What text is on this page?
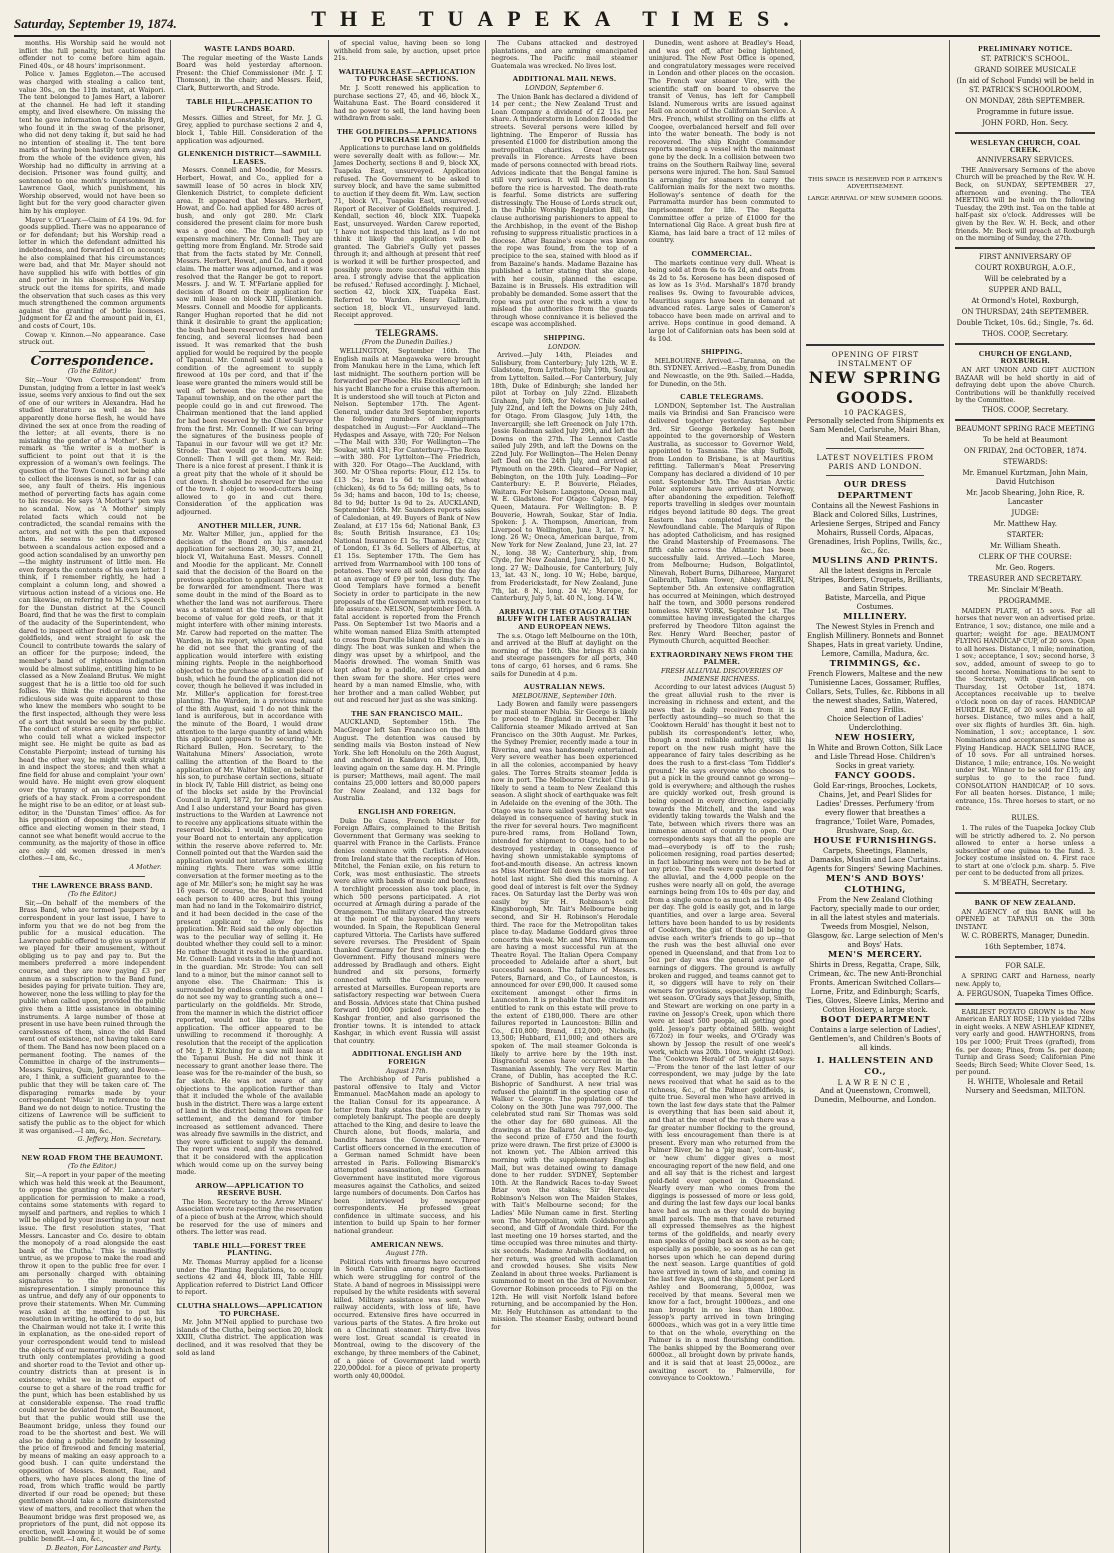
Saturday, September 19, 1874.	THE TUAPEKA TIMES.

months. His Worship said he would not inflict the full penalty, but cautioned the offender not to come before him again. Fined 40s., or 48 hours' imprisonment.

Police v. James Eggleton.—The accused was charged with stealing a calico tent, value 30s., on the 11th instant, at Waipori. The tent belonged to James Hart, a laborer at the channel. He had left it standing empty, and lived elsewhere. On missing the tent he gave information to Constable Byrd, who found it in the swag of the prisoner, who did not deny taking it, but said he had no intention of stealing it. The tent bore marks of having been hastily torn away; and from the whole of the evidence given, his Worship had no difficulty in arriving at a decision. Prisoner was found guilty, and sentenced to one month's imprisonment in Lawrence Gaol, which punishment, his Worship observed, would not have been so light but for the very good character given him by his employer.

Mayer v. O'Leary.—Claim of £4 19s. 9d. for goods supplied. There was no appearance of or for defendant; but his Worship read a letter in which the defendant admitted his indebtedness, and forwarded £1 on account; he also complained that his circumstances were bad, and that Mr. Mayer should not have supplied his wife with bottles of gin and porter in his absence. His Worship struck out the items for spirits, and made the observation that such cases as this very much strengthened the common arguments against the granting of bottle licenses. Judgment for £2 and the amount paid in, £1, and costs of Court, 10s.

Cowap v. Kinnon.—No appearance. Case struck out.

Correspondence.
(To the Editor.)

Sir,—Your 'Own Correspondent' from Dunstan, judging from a letter in last week's issue, seems very anxious to find out the sex of one of our writers in Alexandra. Had he studied literature as well as he has apparently done horse flesh, he would have divined the sex at once from the reading of the letter; at all events, there is no mistaking the gender of a 'Mother'. Such a remark as 'the writer is a mother' is sufficient to point out that it is the expression of a woman's own feelings. The question of the Town Council not being able to collect the licenses is not, so far as I can see, any fault of theirs. His ingenious method of perverting facts has again come to his rescue. He says 'A Mother's' pen was no scandal. Now, as 'A Mother' simply related facts which could not be contradicted, the scandal remains with the actors, and not with the pen that exposed them. He seems to see no difference between a scandalous action exposed and a good action scandalised by an unworthy pen—the mighty instrument of little men. He even forgets the contents of his own letter. I think, if I remember rightly, he had a complaint a column long, and showed a virtuous action instead of a vicious one. He can likewise, on referring to M.P.C.'s speech for the Dunstan district at the Council Board, find that he was the first to complain of the audacity of the Superintendent, who dared to inspect either food or liquor on the goldfields, and went straight to ask the Council to contribute towards the salary of an officer for the purpose; indeed, the member's band of righteous indignation would be almost sublime, entitling him to be classed as a New Zealand Brutus. We might suggest that he is a little too old for such follies. We think the ridiculous and the ridiculous side was quite apparent to those who knew the members who sought to be the first inspected, although they were less of a sort that would be seen by the public. The conduct of stores are quite perfect; yet who could tell what a wicked inspector might see. He might be quite as bad as Constable Pierpoint; instead of turning his head the other way, he might walk straight in and inspect the stores; and then what a fine field for abuse and complaint 'your own' would have. He might even grow eloquent over the tyranny of an inspector and the griefs of a hay stack. From a correspondent he might rise to be an editor, or at least sub-editor, in the 'Dunstan Times' office. As for his proposition of deposing the men from office and electing women in their stead, I cannot see what benefit would accrue to the community, as the majority of those in office are only old women dressed in men's clothes.—I am, &c.,

A Mother.
THE LAWRENCE BRASS BAND.
(To the Editor.)

Sir,—On behalf of the members of the Brass Band, who are termed 'paupers' by a correspondent in your last issue, I have to inform you that we do not beg from the public for a musical education. The Lawrence public offered to give us support if we played for their amusement, without obliging us to pay and pay to. But the members preferred a more independent course, and they are now paying £3 per annum as a subscription to the Band fund, besides paying for private tuition. They are, however, none the less willing to play for the public when called upon, provided the public give them a little assistance in obtaining instruments. A large number of those at present in use have been ruined through the carelessness of them, since the old Band went out of existence, not having taken care of them. The Band has now been placed on a permanent footing. The names of the Committee in charge of the instruments—Messrs. Squires, Quin, Jeffery, and Bowen—are, I think, a sufficient guarantee to the public that they will be taken care of. The disparaging remarks made by your correspondent 'Music' in reference to the Band we do not deign to notice. Trusting the citizens of Lawrence will be sufficient to satisfy the public as to the object for which it was organised.—I am, &c.,

G. Jeffery, Hon. Secretary.
NEW ROAD FROM THE BEAUMONT.
(To the Editor.)

Sir,—A report in your paper of the meeting which was held this week at the Beaumont, to oppose the granting of Mr. Lancaster's application for permission to make a road, contains some statements with regard to myself and partners, and replies to which I will be obliged by your inserting in your next issue. The first resolution states, 'That Messrs. Lancaster and Co. desire to obtain the monopoly of a road alongside the east bank of the Clutha.' This is manifestly untrue, as we propose to make the road and throw it open to the public free for ever. I am personally charged with obtaining signatures to the memorial by misrepresentation. I simply pronounce this as untrue, and defy any of our opponents to prove their statements. When Mr. Cumming was asked at the meeting to put his resolution in writing, he offered to do so, but the Chairman would not take it. I write this in explanation, as the one-sided report of your correspondent would tend to mislead the objects of our memorial, which in honest truth only contemplates providing a good and shorter road to the Teviot and other up-country districts than at present is in existence; whilst we in return expect of course to get a share of the road traffic for the punt, which has been established by us at considerable expense. The road traffic could never be deviated from the Beaumont, but that the public would still use the Beaumont bridge, unless they found our road to be the shortest and best. We will also be doing a public benefit by lessening the price of firewood and fencing material, by means of making an easy approach to a good bush. I can quite understand the opposition of Messrs. Bennett, Rae, and others, who have places along the line of road, from which traffic would be partly diverted if our road be opened; but these gentlemen should take a more disinterested view of matters, and recollect that when the Beaumont bridge was first proposed we, as proprietors of the punt, did not oppose its erection, well knowing it would be of some public benefit.—I am, &c.,

D. Beaton, For Lancaster and Party.
WASTE LANDS BOARD.

The regular meeting of the Waste Lands Board was held yesterday afternoon. Present: the Chief Commissioner (Mr. J. T. Thomson), in the chair; and Messrs. Reid, Clark, Butterworth, and Strode.

TABLE HILL—APPLICATION TO PURCHASE.

Messrs. Gillies and Street, for Mr. J. G. Grey, applied to purchase sections 2 and 4, block 1, Table Hill. Consideration of the application was adjourned.

GLENKENICH DISTRICT—SAWMILL LEASES.

Messrs. Connell and Moodie, for Messrs. Herbert, Howat, and Co., applied for a sawmill lease of 50 acres in block XIV, Glenkenich District, to complete deficient area. It appeared that Messrs. Herbert, Howat, and Co. had applied for 480 acres of bush, and only got 280. Mr. Clark considered the present claim for more bush was a good one. The firm had put up expensive machinery. Mr. Connell: They are getting more from England. Mr. Strode said that from the facts stated by Mr. Connell, Messrs. Herbert, Howat, and Co. had a good claim. The matter was adjourned, and it was resolved that the Ranger be got to report. Messrs. J. and W. T. M'Farlane applied for decision of Board on their application for saw mill lease on block XIII, Glenkenich. Messrs. Connell and Moodie for applicants. Ranger Hughan reported that he did not think it desirable to grant the application; the bush had been reserved for firewood and fencing, and several licenses had been issued. It was remarked that the bush applied for would be required by the people of Tapanui. Mr. Connell said it would be a condition of the agreement to supply firewood at 10s per cord, and that if the lease were granted the miners would still be well off between the reserve and the Tapanui township, and on the other part the people could go in and cut firewood. The Chairman mentioned that the land applied for had been reserved by the Chief Surveyor from the first. Mr. Connell: If we can bring the signatures of the business people of Tapanui in our favour will we get it? Mr. Strode: That would go a long way. Mr. Connell: Then I will get them. Mr. Reid: There is a nice forest at present. I think it is a great pity that the whole of it should be cut down. It should be reserved for the use of the town. I object to wood-cutters being allowed to go in and cut there. Consideration of the application was adjourned.

ANOTHER MILLER, JUNR.

Mr. Walter Miller, jun., applied for the decision of the Board on his amended application for sections 28, 30, 37, and 21, block VI, Waitahuna East. Messrs. Connell and Moodie for the applicant. Mr. Connell said that the decision of the Board on the previous application to applicant was that it be forwarded for amendment. There was some doubt in the mind of the Board as to whether the land was not auriferous. There was a statement at the time that it might become of value for gold reefs, or that it might interfere with other mining interests. Mr. Carew had reported on the matter. The Warden, in his report, which was read, said he did not see that the granting of the application would interfere with existing mining rights. People in the neighborhood objected to the purchase of a small piece of bush, which he found the application did not cover, though he believed it was included in Mr. Miller's application for forest-tree planting. The Warden, in a previous minute of the 8th August, said 'I do not think the land is auriferous, but in accordance with the minute of the Board, I would draw attention to the large quantity of land which this applicant appears to be securing.' Mr. Richard Bullen, Hon. Secretary, to the Waitahuna Miners' Association, wrote calling the attention of the Board to the application of Mr. Walter Miller, on behalf of his son, to purchase certain sections, situate in block IV, Table Hill district, as being one of the blocks set aside by the Provincial Council in April, 1872, for mining purposes. And I also understand your Board has given instructions to the Warden at Lawrence not to receive any applications situate within the reserved blocks. I would, therefore, urge your Board not to entertain any application within the reserve above referred to. Mr. Connell pointed out that the Warden said the application would not interfere with existing mining rights. There was some little conversation at the former meeting as to the age of Mr. Miller's son; he might say he was 16 years. Of course, the Board had limited each person to 400 acres, but this young man had no land in the Tokomairiro district, and it had been decided in the case of the present applicant to allow for his application. Mr. Reid said the only objection was to the peculiar way of selling it. He doubted whether they could sell to a minor. He rather thought it rested in the guardian. Mr. Connell: Land vests in the infant and not in the guardian. Mr. Strode: You can sell land to a minor, but the minor cannot sell to anyone else. The Chairman: This is surrounded by endless complications, and I do not see my way to granting such a one—particularly on the goldfields. Mr. Strode, from the manner in which the district officer reported, would not like to grant the application. The officer appeared to be unwilling to recommend it thoroughly. A resolution that the receipt of the application of Mr. J. P. Kitching for a saw mill lease at the Tapanui Bush. He did not think it necessary to grant another lease there. The lease was for the re-mainder of the bush, so far sketch. He was not aware of any objections to the application further than that it included the whole of the available bush in the district. There was a large extent of land in the district being thrown open for settlement, and the demand for timber increased as settlement advanced. There was already five sawmills in the district, and they were sufficient to supply the demand. The report was read, and it was resolved that it be considered with the application which would come up on the survey being made.

ARROW—APPLICATION TO RESERVE BUSH.

The Hon. Secretary to the Arrow Miners' Association wrote respecting the reservation of a piece of bush at the Arrow, which should be reserved for the use of miners and others. The letter was read.

TABLE HILL—FOREST TREE PLANTING.

Mr. Thomas Murray applied for a license under the Planting Regulations, to occupy sections 42 and 44, block III, Table Hill. Application referred to District Land Officer to report.

CLUTHA SHALLOWS—APPLICATION TO PURCHASE.

Mr. John M'Neil applied to purchase two islands of the Clutha, being section 20, block XXIII, Clutha district. The application was declined, and it was resolved that they be sold as land

of special value, having been so long withheld from sale, by auction, upset price 21s.

WAITAHUNA EAST—APPLICATION TO PURCHASE SECTIONS.

Mr. J. Scott renewed his application to purchase sections 27, 45, and 46, block X., Waitahuna East. The Board considered it had no power to sell, the land having been withdrawn from sale.

THE GOLDFIELDS—APPLICATIONS TO PURCHASE LANDS.

Applications to purchase land on goldfields were severally dealt with as follow:— Mr. James Docherty, sections 8 and 9, block XX, Tuapeka East, unsurveyed. Application refused. The Government to be asked to survey block, and have the same submitted to auction if they deem fit. Wm. Law, section 71, block VI., Tuapeka East, unsurveyed. Report of Receiver of Goldfields required. J. Kendall, section 46, block XIX. Tuapeka East, unsurveyed. Warden Carew reported, 'I have not inspected this land, as I do not think it likely the application will be granted. The Gabriel's Gully yet passes through it; and although at present that reef is worked it will be further prospected, and possibly prove more successful within this area. I strongly advise that the application be refused.' Refused accordingly. J. Michael, section 42, block XIX, Tuapeka East. Referred to Warden. Henry Galbraith, section 18, block VI., unsurveyed land. Receipt approved.

TELEGRAMS.
(From the Dunedin Dailies.)

WELLINGTON, September 16th. The English mails at Mangaweka were brought from Manukau here in the Luna, which left last midnight. The southern portion will be forwarded per Phoebe. His Excellency left in his yacht Blanche for a cruise this afternoon. It is understood she will touch at Picton and Nelson. September 17th. The Agent-General, under date 3rd September, reports the following numbers of immigrants despatched in August:—For Auckland—The Hydaspes and Assaye, with 720; For Nelson—The Mail with 330; For Wellington—The Soukar, with 431; For Canterbury—The Roxa—with 380. For Lyttelton—The Friedrich, with 320. For Otago—The Auckland, with 360. Mr O'Shea reports: Flour, £12 15s. to £13 5s.; bran 1s 6d to 1s 8d; wheat (chicken), 4s 6d to 5s 6d; milling oats, 5s to 5s 3d; hams and bacon, 10d to 1s; cheese, 8d to 9d; butter 1s 9d to 2s. AUCKLAND, September 16th. Mr. Saunders reports sales of Caledonian, at 49. Buyers of Bank of New Zealand, at £17 15s 6d; National Bank, £3 8s; South British Insurance, £3 10s; National Insurance £1 5s; Thames, £2; City of London, £1 3s 6d. Sellers of Albertus, at £1 15s. September 17th. The Gem has arrived from Warrnambool with 100 tons of potatoes. They were all sold during the day at an average of £9 per ton, less duty. The Good Templars have formed a benefit Society in order to participate in the new proposals of the Government with respect to life assurance. NELSON, September 16th. A fatal accident is reported from the French Pass. On September 1st two Maoris and a white woman named Eliza Smith attempted to cross from Durville Island to Elmslie's in a dingy. The boat was sunken and when the dingy was upset by a whirlpool, and the Maoris drowned. The woman Smith was kept afloat by a paddle, and stripped and then swam for the shore. Her cries were heard by a man named Elmslie, who, with her brother and a man called Webber, put out and rescued her just as she was sinking.

THE SAN FRANCISCO MAIL.

AUCKLAND, September 15th. The MacGregor left San Francisco on the 18th August. The detention was caused by sending mails via Boston instead of New York. She left Honolulu on the 26th August, and anchored in Kandavu on the 10th, leaving again on the same day. H. M. Pringle is purser; Matthews, mail agent. The mail contains 25,000 letters and 80,000 papers for New Zealand, and 132 bags for Australia.

ENGLISH AND FOREIGN.

Duke De Cazes, French Minister for Foreign Affairs, complained to the British Government that Germany was seeking to quarrel with France in the Carlists. France denies connivance with Carlists. Advices from Ireland state that the reception of Hon. Mitchel, the Fenian exile, on his return to Cork, was most enthusiastic. The streets were alive with bands of music and bonfires. A torchlight procession also took place, in which 500 persons participated. A riot occurred at Armagh during a parade of the Orangemen. The military cleared the streets at the point of the bayonet. Many were wounded. In Spain, the Republican General captured Vittoria. The Carlists have suffered severe reverses. The President of Spain thanked Germany for first recognising the Government. Fifty thousand miners were addressed by Bradlaugh and others. Eight hundred and six persons, formerly connected with the Commune, were arrested at Marseilles. European reports are satisfactory respecting war between Cuera and Bossia. Advices state that China pushed forward 100,000 picked troops to the Kashgar frontier, and also garrisoned the frontier towns. It is intended to attack Kashgar, in which event Russia will assist that country.

ADDITIONAL ENGLISH AND FOREIGN
August 17th.

The Archbishop of Paris published a pastoral offensive to Italy and Victor Emmanuel. MacMahon made an apology to the Italian Consul for its appearance. A letter from Italy states that the country is completely bankrupt. The people are deeply attached to the King, and desire to leave the Church alone, but floods, malaria, and bandits harass the Government. Three Carlist officers concerned in the execution of a German named Schmidt have been arrested in Paris. Following Bismarck's attempted assassination, the German Government have instituted more vigorous measures against the Catholics, and seized large numbers of documents. Don Carlos has been interviewed by newspaper correspondents. He professed great confidence in ultimate success, and his intention to build up Spain to her former national grandeur.

AMERICAN NEWS.
August 17th.

Political riots with firearms have occurred in South Carolina among negro factions which were struggling for control of the State. A band of negroes in Mississippi were repulsed by the white residents with several killed. Military assistance was sent. Two railway accidents, with loss of life, have occurred. Extensive fires have occurred in various parts of the States. A fire broke out on a Cincinnati steamer. Thirty-five lives were lost. Great scandal is created in Montreal, owing to the discovery of the exchange, by three members of the Cabinet, of a piece of Government land worth 220,000dol. for a piece of private property worth only 40,000dol.

The Cubans attacked and destroyed plantations, and are arming emancipated negroes. The Pacific mail steamer Guatemala was wrecked. No lives lost.

ADDITIONAL MAIL NEWS.
LONDON, September 6.

The Union Bank has declared a dividend of 14 per cent.; the New Zealand Trust and Loan Company a dividend of £2 11s. per share. A thunderstorm in London flooded the streets. Several persons were killed by lightning. The Emperor of Russia has presented £1000 for distribution among the metropolitan charities. Great distress prevails in Florence. Arrests have been made of persons connected with bread riots. Advices indicate that the Bengal famine is still very serious. It will be five months before the rice is harvested. The death-rate is fearful. Some districts are suffering distressingly. The House of Lords struck out, in the Public Worship Regulation Bill, the clause authorising parishioners to appeal to the Archbishop, in the event of the Bishop refusing to suppress ritualistic practices in a diocese. After Bazaine's escape was known the rope was found, from the top of a precipice to the sea, stained with blood as if from Bazaine's hands. Madame Bazaine has published a letter stating that she alone, with her cousin, planned the escape. Bazaine is in Brussels. His extradition will probably be demanded. Some assert that the rope was put over the rock with a view to mislead the authorities from the guards through whose connivance it is believed the escape was accomplished.

SHIPPING.
LONDON.

Arrived.—July 14th, Pleiades and Salisbury, from Canterbury; July 12th, W. E. Gladstone, from Lyttelton; July 19th, Soukar, from Lyttelton. Sailed.—For Canterbury, July 18th, Duke of Edinburgh; she landed her pilot at Torbay on July 22nd. Elizabeth Graham, July 16th, for Nelson; Chile sailed July 22nd, and left the Downs on July 24th, for Otago. From Glasgow, July 14th, the Invercargill; she left Greenock on July 17th. Jessie Readman sailed July 29th, and left the Downs on the 27th. The Lennox Castle sailed July 29th, and left the Downs on the 22nd July. For Wellington—The Helen Denny left Deal on the 24th July, and arrived at Plymouth on the 29th. Cleared—For Napier, Bebington, on the 10th July. Loading—For Canterbury: E. P. Bouverie, Pleiades, Waitara. For Nelson: Langstone, Ocean mail, W. E. Gladstone. For Otago: Calypso, May Queen, Mataura. For Wellington: B. P. Bouverie, Howrah, Soukar, Star of India. Spoken: J. A. Thompson, American, from Liverpool to Wellington, June 3, lat. 7 N., long. 26 W.; Oneca, American barque, from New York for New Zealand, June 23, lat. 27 N., long. 38 W.; Canterbury, ship, from Clyde, for New Zealand, June 25, lat. 10 N., long. 27 W.; Dalhousie, for Canterbury, July 13, lat. 43 N., long. 10 W.; Hebe, barque, from Frederickstadt, for New Zealand, June 7th, lat. 8 N., long. 24 W.; Merope, for Canterbury, July 5, lat. 40 N., long. 14 W.

ARRIVAL OF THE OTAGO AT THE BLUFF WITH LATER AUSTRALIAN AND EUROPEAN NEWS.

The s.s. Otago left Melbourne on the 10th, and arrived at the Bluff at daylight on the morning of the 16th. She brings 83 cabin and steerage passengers for all ports, 340 tons of cargo, 61 horses, and 6 rams. She sails for Dunedin at 4 p.m.

AUSTRALIAN NEWS.
MELBOURNE, September 10th.

Lady Bowen and family were passengers per mail steamer Nubia. Sir George is likely to proceed to England in December. The California steamer Mikado arrived at San Francisco on the 30th August. Mr. Parkes, the Sydney Premier, recently made a tour in Riverina, and was handsomely entertained. Very severe weather has been experienced in all the colonies, accompanied by heavy gales. The Torres Straits steamer Jedda is now in port. The Melbourne Cricket Club is likely to send a team to New Zealand this season. A slight shock of earthquake was felt in Adelaide on the evening of the 30th. The Otago was to have sailed yesterday, but was delayed in consequence of having stuck in the river for several hours. Two magnificent pure-bred rams, from Holland Town, intended for shipment to Otago, had to be destroyed yesterday, in consequence of having shown unmistakable symptoms of foot-and-mouth disease. An actress known as Miss Mortimer fell down the stairs of her hotel last night. She died this morning. A good deal of interest is felt over the Sydney races. On Saturday last the Derby was won easily by Sir H. Robinson's colt Kingsborough, Mr. Tait's Melbourne being second, and Sir H. Robinson's Herodale third. The race for the Metropolitan takes place to-day. Madame Goddard gives three concerts this week. Mr. and Mrs. Williamson are having a most successful run at the Theatre Royal. The Italian Opera Company proceeded to Adelaide after a short, but successful season. The failure of Messrs. Peters, Barnard, and Co., of Launceston, is announced for over £90,000. It caused some excitement amongst other firms in Launceston. It is probable that the creditors entitled to rank on this estate will prove to the extent of £180,000. There are other failures reported in Launceston: Billin and Co., £10,800; Brand, £12,000; Nicholls, 13,500; Hubbard, £11,000; and others are spoken of. The mail steamer Golconda is likely to arrive here by the 19th inst. Disgraceful scenes have occurred in the Tasmanian Assembly. The very Rev. Martin Crane, of Dublin, has accepted the R.C. Bishopric of Sandhurst. A new trial was refused the plaintiff in the sporting case of Walker v. George. The population of the Colony on the 30th June was 797,000. The celebrated stud ram Sir Thomas was sold the other day for 680 guineas. All the drawings at the Ballarat Art Union to-day, the second prize of £750 and the fourth prize were drawn. The first prize of £3000 is not known yet. The Albion arrived this morning with the supplementary English Mail, but was detained owing to damage done to her rudder. SYDNEY, September 10th. At the Randwick Races to-day Sweet Briar won the stakes; Sir Hercules Robinson's Nelson won The Maiden Stakes, with Tait's Melbourne second; for the Ladies' Mile Numan came in first. Sterling won The Metropolitan, with Goldsborough second, and Gift of Avondale third. For the last meeting one 19 horses started, and the time occupied was three minutes and thirty-six seconds. Madame Arabella Goddard, on her return, was greeted with acclamation and crowded houses. She visits New Zealand in about three weeks. Parliament is summoned to meet on the 3rd of November. Governor Robinson proceeds to Fiji on the 12th. He will visit Norfolk Island before returning, and be accompanied by the Hon. Mr. Hely Hutchinson as attendant to the mission. The steamer Easby, outward bound for

Dunedin, went ashore at Bradley's Head, and was got off, after being lightened, uninjured. The New Post Office is opened, and congratulatory messages were received in London and other places on the occasion. The French war steamer Vire, with the scientific staff on board to observe the transit of Venus, has left for Campbell Island. Numerous writs are issued against Hall on account of the Californian Service. A Mrs. French, whilst strolling on the cliffs at Coogee, overbalanced herself and fell over into the water beneath. The body is not recovered. The ship Knight Commander reports meeting a vessel with the mainmast gone by the deck. In a collision between two trains on the Southern Railway line, several persons were injured. The hon. Saul Samuel is arranging for steamers to carry the Californian mails for the next two months. Holloway's sentence of death for the Parramatta murder has been commuted to imprisonment for life. The Regatta Committee offer a prize of £1000 for the International Gig Race. A great bush fire at Kiama, has laid bare a tract of 12 miles of country.

COMMERCIAL.

The markets continue very dull. Wheat is being sold at from 6s to 6s 2d, and oats from 4s 2d to 5s. Kerosene has been disposed of as low as 1s 3½d. Marshall's 1870 brandy realises 9s. Owing to favourable advices, Mauritius sugars have been in demand at advanced rates. Large sales of Cameron's tobacco have been made on arrival and to arrive. Hops continue in good demand. A large lot of Californian oats has been sold at 4s 10d.

SHIPPING.

MELBOURNE. Arrived.—Taranna, on the 8th. SYDNEY. Arrived.—Easby, from Dunedin and Newcastle, on the 9th. Sailed.—Hadda, for Dunedin, on the 5th.

CABLE TELEGRAMS.

LONDON, September 1st. The Australian mails via Brindisi and San Francisco were delivered together yesterday. September 3rd. Sir George Berkeley has been appointed to the governorship of Western Australia, as successor to Governor Weld, appointed to Tasmania. The ship Suffolk, from London to Brisbane, is at Mauritius refitting. Tallerman's Meat Preserving Company has declared a dividend of 10 per cent. September 5th. The Austrian Arctic Polar explorers have arrived at Norway, after abandoning the expedition. Telefhoff reports travelling in sledges over mountain ridges beyond latitude 80 degs. The great Eastern has completed laying the Newfoundland cable. The Marquis of Ripon has adopted Catholicism, and has resigned the Grand Mastership of Freemasons. The fifth cable across the Atlantic has been successfully laid. Arrived.—Loch Maree, from Melbourne; Hudson, Bolgatlintol, Ninevah, Robert Burns, Dilhareee, Margaret Galbraith, Tallam Tower, Abbey. BERLIN, September 5th. An extensive conflagration has occurred at Meiningen, which destroyed half the town, and 3000 persons rendered homeless. NEW YORK, September 1st. The committee having investigated the charges preferred by Theodore Tilton against the Rev. Henry Ward Beecher, pastor of Plymouth Church, acquitted Beecher.

EXTRAORDINARY NEWS FROM THE PALMER.
FRESH ALLUVIAL DISCOVERIES OF IMMENSE RICHNESS.

According to our latest advices (August 5) the great alluvial rush to the river is increasing in richness and extent, and the news that is daily received from it is perfectly astounding—so much so that the 'Cooktown Herald' has thought it best not to publish its correspondent's letter, who, though a most reliable authority, still his report on the new rush might have the appearance of fairy tales describing as he does the rush to a first-class 'Tom Tiddler's ground.' He says everyone who chooses to put a pick in the ground cannot go wrong—gold is everywhere; and although the rushes are quickly worked out, fresh ground is being opened in every direction, especially towards the Mitchell, and the land was evidently taking towards the Walsh and the Tate, between which rivers there was an immense amount of country to open. Our correspondents says that all the people are mad—everybody is off to the rush; policemen resigning, road parties deserted; in fact labouring men were not to be had at any price. The reefs were quite deserted for the alluvial, and the 4,000 people on the rushes were nearly all on gold, the average earnings being from 10s to 40s per day, and from a single ounce to as much as 10s to 40s per day. The gold is easily got, and in large quantities, and over a large area. Several letters have been handed to us by residents of Cooktown, the gist of them all being to advise each writer's friends to go up—that the rush was the best alluvial one ever opened in Queensland, and that from 1oz to 5oz per day was the general average of earnings of diggers. The ground is awfully broken and rugged, and teams cannot get to it, so diggers will have to rely on their owners for provisions, especially during the wet season. O'Grady says that Jessop, Smith, and Stewart are working on one party in a ravine on Jessop's Creek, upon which there were at least 500 people, all getting good gold. Jessop's party obtained 58lb. weight (672oz) in four weeks, and O'Grady was shown by Jessop the result of one week's work, which was 20lb. 10oz. weight (240oz). The 'Cooktown Herald' of 5th August says:—'From the tenor of the last letter of our correspondent, we may judge by the late news received that what he said as to the richness, &c., of the Palmer goldfields, is quite true. Several men who have arrived in town the last few days state that the Palmer is everything that has been said about it, and that at the onset of the rush there was a far greater number flocking to the ground, with less encouragement than there is at present. Every man who returned from the Palmer River, be he a 'pig man', 'corn-husk', or 'new chum' digger gives a most encouraging report of the new field, and one and all say that is the richest and largest gold-field ever opened in Queensland. Nearly every man who comes from the diggings is possessed of more or less gold, and during the last few days our local banks have had as much as they could do buying small parcels. The men that have returned all expressed themselves as the highest terms of the goldfields, and nearly every man speaks of going back as soon as he can; especially as possible, so soon as he can get horses upon which he can depend during the next season. Large quantities of gold have arrived in town of late, and coming in the last few days, and the shipment per Lord Ashley and Boomerang, 5,000oz, was received by that means. Several men we know for a fact, brought 1000ozs., and one man brought in no less than 1800oz. Jessop's party arrived in town bringing 6000ozs., which was got in a very little time to that on the whole, everything on the Palmer is in a most flourishing condition. The banks shipped by the Boomerang over 6000oz., all brought down by private hands, and it is said that at least 25,000oz., are awaiting escort to Palmerville, for conveyance to Cooktown.'

THIS SPACE IS RESERVED FOR P. AITKEN'S ADVERTISEMENT.
LARGE ARRIVAL OF NEW SUMMER GOODS.
OPENING OF FIRST INSTALMENT OF
NEW SPRING GOODS.
10 PACKAGES,
Personally selected from Shipments ex Sam Mendel, Carlsruhe, Mairi Bhan, and Mail Steamers.
LATEST NOVELTIES FROM PARIS AND LONDON.
OUR DRESS DEPARTMENT
Contains all the Newest Fashions in Black and Colored Silks, Lustrines, Arlesiene Serges, Striped and Fancy Mohairs, Russell Cords, Alpacas, Grenadines, Irish Poplins, Twills, &c., &c., &c.
MUSLINS AND PRINTS.
All the latest designs in Percale Stripes, Borders, Croquets, Brilliants, and Satin Stripes.
Batiste, Marcella, and Pique Costumes.
MILLINERY.
The Newest Styles in French and English Millinery. Bonnets and Bonnet Shapes, Hats in great variety. Undine, Lemore, Camilla, Madura, &c.
TRIMMINGS, &c.
French Flowers, Maltese and the new Tunisienne Laces, Gossamer, Ruffles, Collars, Sets, Tulles, &c. Ribbons in all the newest shades, Satin, Watered, and Fancy Frillis.
Choice Selection of Ladies' Underclothing.
NEW HOSIERY,
In White and Brown Cotton, Silk Lace and Lisle Thread Hose. Children's Socks in great variety.
FANCY GOODS.
Gold Ear-rings, Brooches, Lockets, Chains, Jet, and Pearl Slides for Ladies' Dresses. Perfumery 'from every flower that breathes a fragrance,' Toilet Ware, Pomades, Brushware, Soap, &c.
HOUSE FURNISHINGS.
Carpets, Sheetings, Flannels, Damasks, Muslin and Lace Curtains.
Agents for Singers' Sewing Machines.
MEN'S AND BOYS' CLOTHING,
From the New Zealand Clothing Factory, specially made to our order, in all the latest styles and materials. Tweeds from Mosgiel, Nelson, Glasgow, &c. Large selection of Men's and Boys' Hats.
MEN'S MERCERY.
Shirts in Dress, Regatta, Crape, Silk, Crimean, &c. The new Anti-Bronchial Fronts. American Switched Collars—Lorne, Fritz, and Edinburgh; Scarfs, Ties, Gloves, Sleeve Links, Merino and Cotton Hosiery, a large stock.
BOOT DEPARTMENT
Contains a large selection of Ladies', Gentlemen's, and Children's Boots of all kinds.
I. HALLENSTEIN AND CO.,
LAWRENCE,
And at Queenstown, Cromwell, Dunedin, Melbourne, and London.
PRELIMINARY NOTICE.
ST. PATRICK'S SCHOOL.
GRAND SOIREE MUSICALE
(In aid of School Funds) will be held in ST. PATRICK'S SCHOOLROOM,
ON MONDAY, 28th SEPTEMBER.
Programme in future issue.
JOHN FORD, Hon. Secy.
WESLEYAN CHURCH, COAL CREEK.
ANNIVERSARY SERVICES.

THE Anniversary Sermons of the above Church will be preached by the Rev. W. H. Beck, on SUNDAY, SEPTEMBER 27, afternoon and evening. The TEA MEETING will be held on the following Tuesday, the 29th inst. Tea on the table at half-past six o'clock. Addresses will be given by the Rev. W. H. Beck, and other friends. Mr. Beck will preach at Roxburgh on the morning of Sunday, the 27th.

FIRST ANNIVERSARY OF
COURT ROXBURGH, A.O.F.,
Will be celebrated by a
SUPPER AND BALL,
At Ormond's Hotel, Roxburgh,
ON THURSDAY, 24th SEPTEMBER.
Double Ticket, 10s. 6d.; Single, 7s. 6d.
THOS. COOP, Secretary.
CHURCH OF ENGLAND, ROXBURGH.

AN ART UNION AND GIFT AUCTION BAZAAR will be held shortly in aid of defraying debt upon the above Church. Contributions will be thankfully received by the Committee.

THOS. COOP, Secretary.
BEAUMONT SPRING RACE MEETING
To be held at Beaumont
ON FRIDAY, 2nd OCTOBER, 1874.
STEWARDS:
Mr. Emanuel Kurtzman, John Main, David Hutchison
Mr. Jacob Shearing, John Rice, R. Lancaster
JUDGE:
Mr. Matthew Hay.
STARTER:
Mr. William Sheath.
CLERK OF THE COURSE:
Mr. Geo. Rogers.
TREASURER AND SECRETARY.
Mr. Sinclair M'Beath.
PROGRAMME.

MAIDEN PLATE, of 15 sovs. For all horses that never won an advertised prize. Entrance, 1 sov.; distance, one mile and a quarter; weight for age. BEAUMONT FLYING HANDICAP CUP, of 20 sovs. Open to all horses. Distance, 1 mile; nomination, 1 sov.; acceptance, 1 sov.; second horse, 3 sov., added, amount of sweep to go to second horse. Nominations to be sent to the Secretary, with qualification, on Thursday, 1st October 1st, 1874. Acceptances receivable up to twelve o'clock noon on day of races. HANDICAP HURDLE RACE, of 20 sovs. Open to all horses. Distance, two miles and a half, over six flights of hurdles 3ft. 6in. high. Nomination, 1 sov.; acceptance, 1 sov. Nominations and acceptance same time as Flying Handicap. HACK SELLING RACE, of 10 sovs. For all untrained horses. Distance, 1 mile; entrance, 10s. No weight under 9st. Winner to be sold for £15; any surplus to go to the race fund. CONSOLATION HANDICAP, of 10 sovs. For all beaten horses. Distance, 1 mile; entrance, 15s. Three horses to start, or no race.

RULES.

1. The rules of the Tuapeka Jockey Club will be strictly adhered to. 2. No person allowed to enter a horse unless a subscriber of one guinea to the fund. 3. Jockey costume insisted on. 4. First race to start at one o'clock p.m. sharp. 5. Five per cent to be deducted from all prizes.

S. M'BEATH, Secretary.
BANK OF NEW ZEALAND.

AN AGENCY of this BANK will be OPENED at TAPANUI on the 30th INSTANT.

W. C. ROBERTS, Manager, Dunedin.
16th September, 1874.
FOR SALE.

A SPRING CART and Harness, nearly new. Apply to,

A. FERGUSON, Tuapeka Times Office.

EARLIEST POTATO GROWN is the New American EARLY ROSE; 11b yielded 72lbs in eight weeks. A NEW ASHLEAF KIDNEY, very early and good. HAWTHORNS, from 10s per 1000; Fruit Trees (grafted), from 6s. per dozen; Pines, from 5s. per dozen; Turnip and Grass Seed; Californian Pine Seeds; Birch Seed; White Clover Seed, 1s. per pound.

H. WHITE, Wholesale and Retail Nursery and Seedsman, MILTON.
